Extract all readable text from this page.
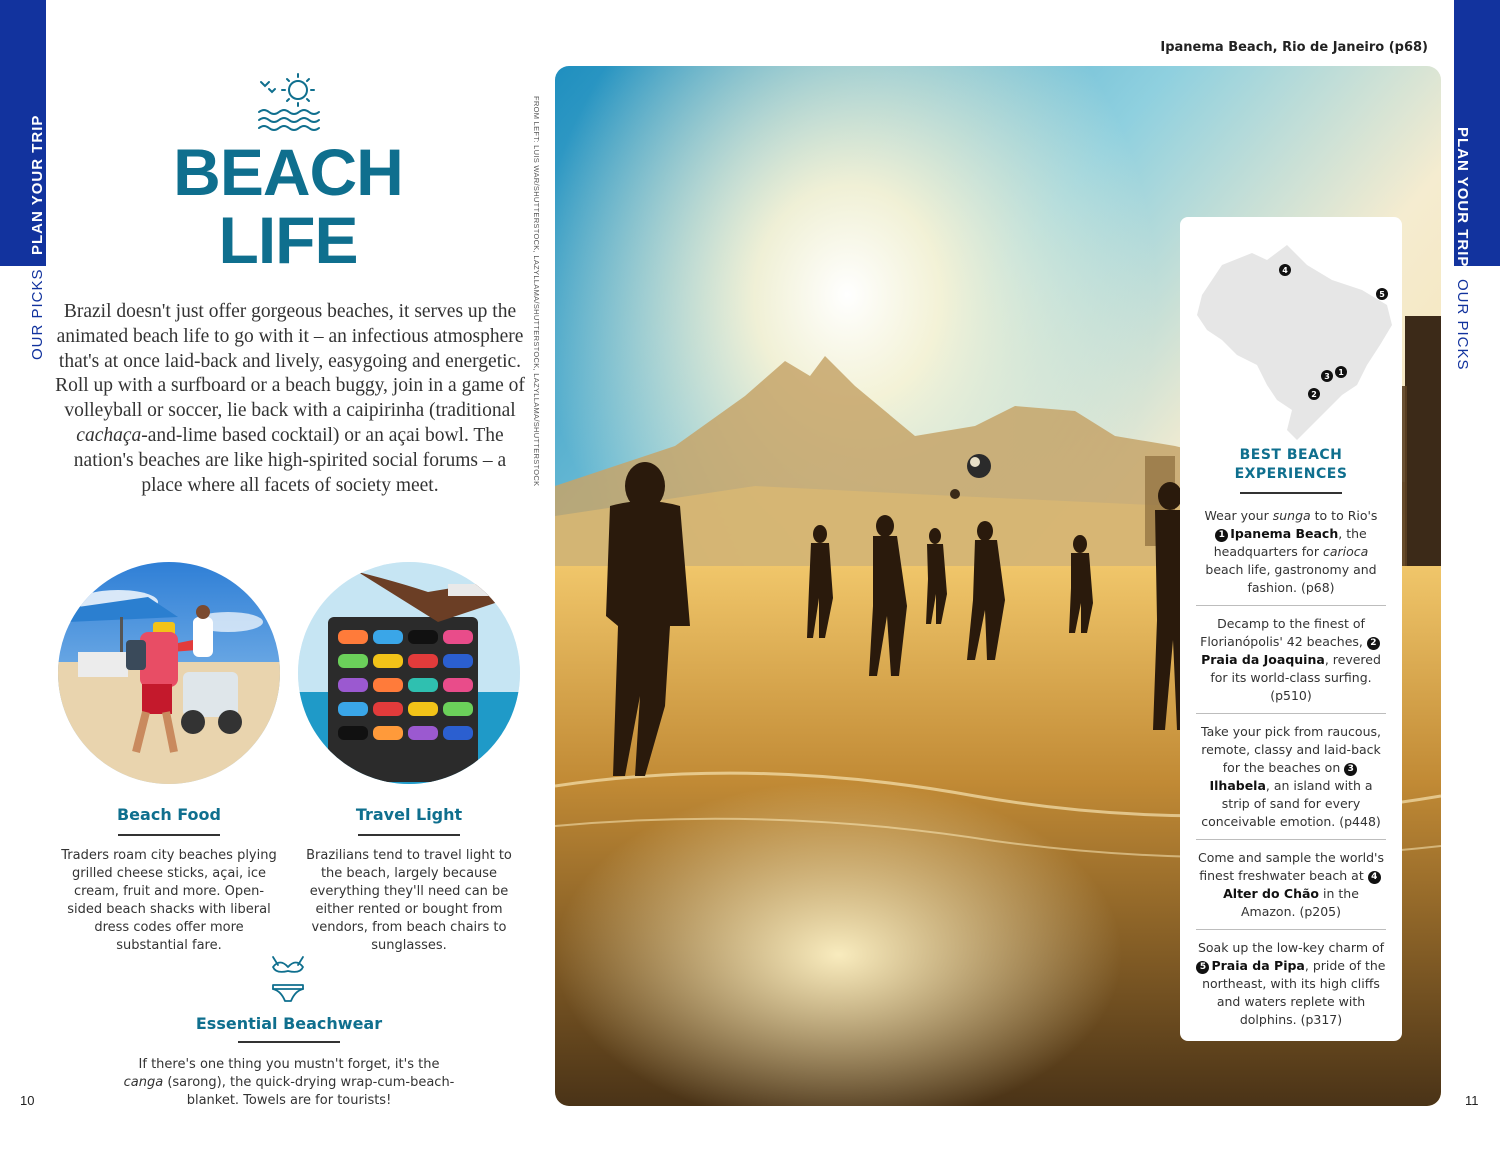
PLAN YOUR TRIP
OUR PICKS
PLAN YOUR TRIP
OUR PICKS
10	11
BEACH
LIFE

Brazil doesn't just offer gorgeous beaches, it serves up the animated beach life to go with it – an infectious atmosphere that's at once laid-back and lively, easygoing and energetic. Roll up with a surfboard or a beach buggy, join in a game of volleyball or soccer, lie back with a caipirinha (traditional cachaça-and-lime based cocktail) or an açai bowl. The nation's beaches are like high-spirited social forums – a place where all facets of society meet.

Beach Food

Traders roam city beaches plying grilled cheese sticks, açai, ice cream, fruit and more. Open-sided beach shacks with liberal dress codes offer more substantial fare.

Travel Light

Brazilians tend to travel light to the beach, largely because everything they'll need can be either rented or bought from vendors, from beach chairs to sunglasses.

Essential Beachwear

If there's one thing you mustn't forget, it's the canga (sarong), the quick-drying wrap-cum-beach-blanket. Towels are for tourists!

FROM LEFT: LUIS WAR/SHUTTERSTOCK, LAZYLLAMA/SHUTTERSTOCK, LAZYLLAMA/SHUTTERSTOCK
Ipanema Beach, Rio de Janeiro (p68)
4
5
1
3
2
BEST BEACH
EXPERIENCES

Wear your sunga to to Rio's 1 Ipanema Beach, the headquarters for carioca beach life, gastronomy and fashion. (p68)

Decamp to the finest of Florianópolis' 42 beaches, 2Praia da Joaquina, revered for its world-class surfing. (p510)

Take your pick from raucous, remote, classy and laid-back for the beaches on 3Ilhabela, an island with a strip of sand for every conceivable emotion. (p448)

Come and sample the world's finest freshwater beach at 4Alter do Chão in the Amazon. (p205)

Soak up the low-key charm of 5 Praia da Pipa, pride of the northeast, with its high cliffs and waters replete with dolphins. (p317)
